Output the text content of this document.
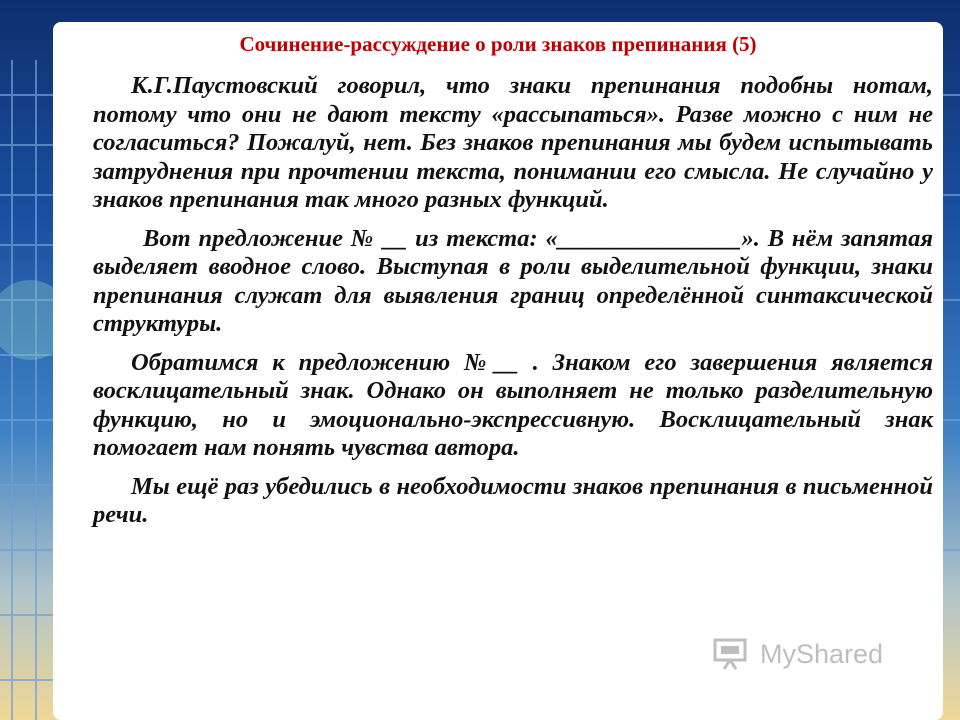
Сочинение-рассуждение о роли знаков препинания (5)

К.Г.Паустовский говорил, что знаки препинания подобны нотам, потому что они не дают тексту «рассыпаться». Разве можно с ним не согласиться? Пожалуй, нет. Без знаков препинания мы будем испытывать затруднения при прочтении текста, понимании его смысла. Не случайно у знаков препинания так много разных функций.

Вот предложение № __ из текста: «_______________». В нём запятая выделяет вводное слово. Выступая в роли выделительной функции, знаки препинания служат для выявления границ определённой синтаксической структуры.

Обратимся к предложению №__ . Знаком его завершения является восклицательный знак. Однако он выполняет не только разделительную функцию, но и эмоционально-экспрессивную. Восклицательный знак помогает нам понять чувства автора.

Мы ещё раз убедились в необходимости знаков препинания в письменной речи.

MyShared
